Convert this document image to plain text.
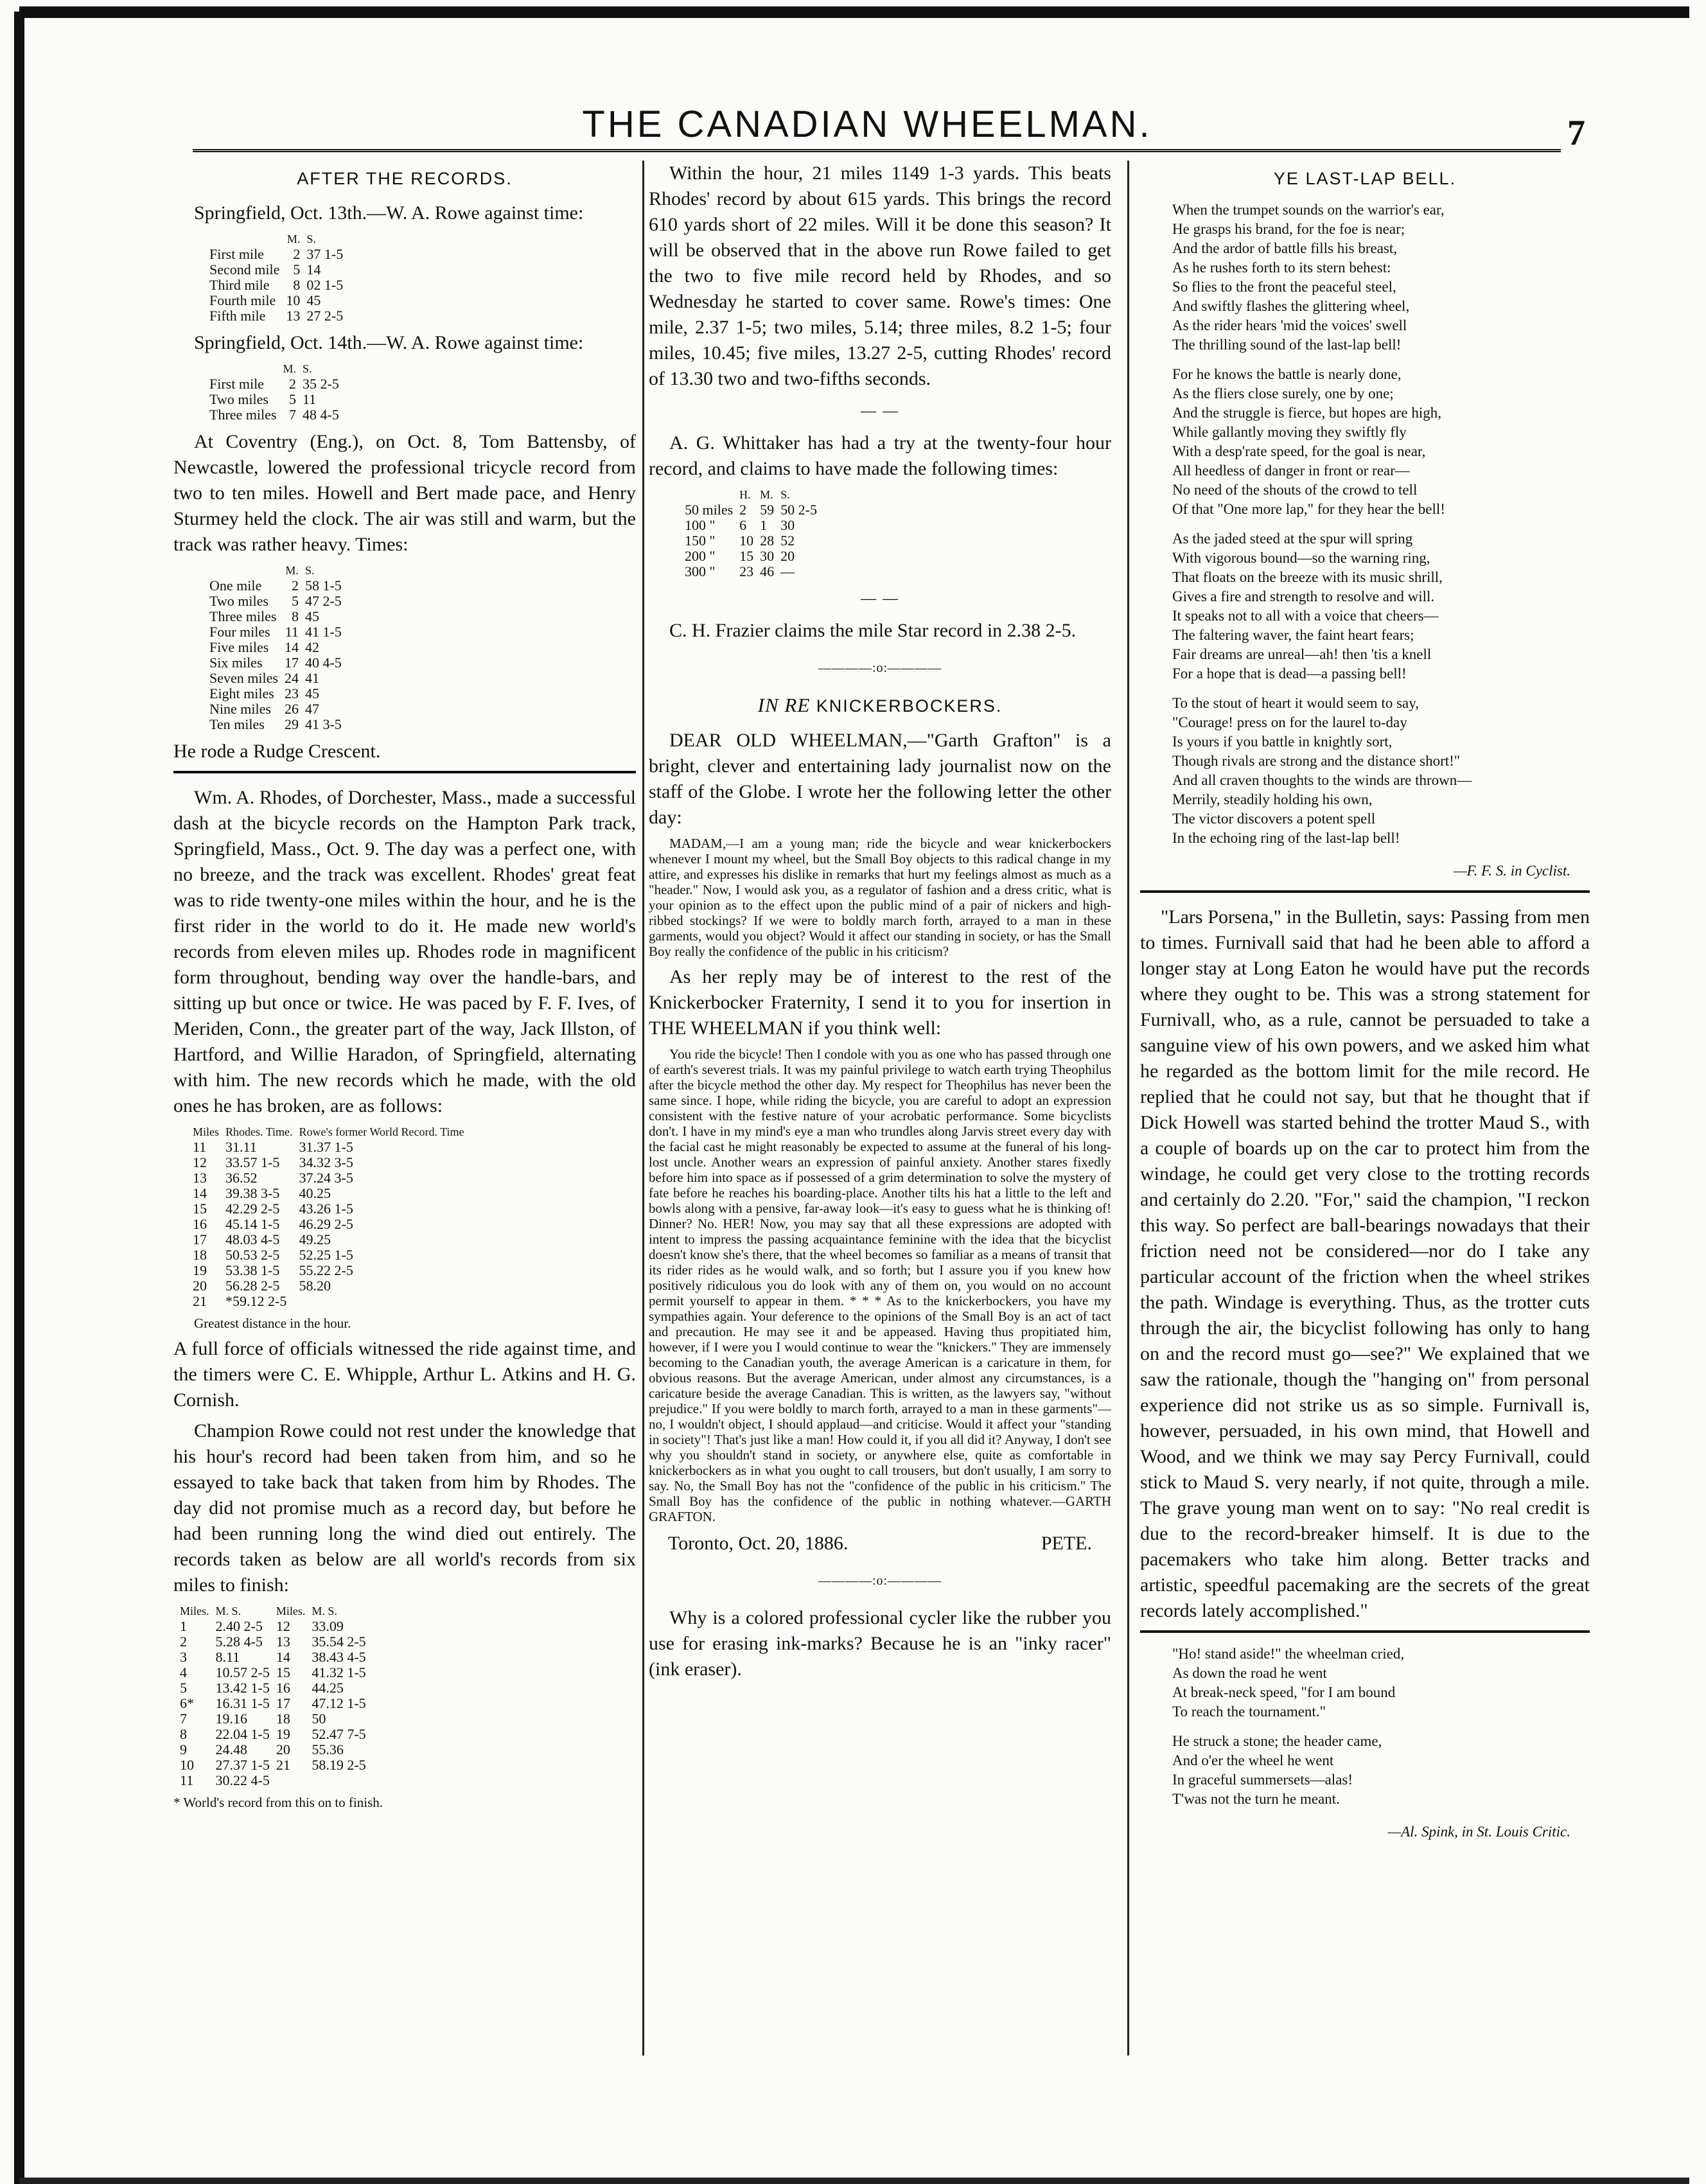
THE CANADIAN WHEELMAN.	7
AFTER THE RECORDS.

Springfield, Oct. 13th.—W. A. Rowe against time:

	M.	S.
First mile	2	37 1-5
Second mile	5	14
Third mile	8	02 1-5
Fourth mile	10	45
Fifth mile	13	27 2-5

Springfield, Oct. 14th.—W. A. Rowe against time:

	M.	S.
First mile	2	35 2-5
Two miles	5	11
Three miles	7	48 4-5

At Coventry (Eng.), on Oct. 8, Tom Battensby, of Newcastle, lowered the professional tricycle record from two to ten miles. Howell and Bert made pace, and Henry Sturmey held the clock. The air was still and warm, but the track was rather heavy. Times:

	M.	S.
One mile	2	58 1-5
Two miles	5	47 2-5
Three miles	8	45
Four miles	11	41 1-5
Five miles	14	42
Six miles	17	40 4-5
Seven miles	24	41
Eight miles	23	45
Nine miles	26	47
Ten miles	29	41 3-5

He rode a Rudge Crescent.

Wm. A. Rhodes, of Dorchester, Mass., made a successful dash at the bicycle records on the Hampton Park track, Springfield, Mass., Oct. 9. The day was a perfect one, with no breeze, and the track was excellent. Rhodes' great feat was to ride twenty-one miles within the hour, and he is the first rider in the world to do it. He made new world's records from eleven miles up. Rhodes rode in magnificent form throughout, bending way over the handle-bars, and sitting up but once or twice. He was paced by F. F. Ives, of Meriden, Conn., the greater part of the way, Jack Illston, of Hartford, and Willie Haradon, of Springfield, alternating with him. The new records which he made, with the old ones he has broken, are as follows:

Miles	Rhodes. Time.	Rowe's former World Record. Time
11	31.11	31.37 1-5
12	33.57 1-5	34.32 3-5
13	36.52	37.24 3-5
14	39.38 3-5	40.25
15	42.29 2-5	43.26 1-5
16	45.14 1-5	46.29 2-5
17	48.03 4-5	49.25
18	50.53 2-5	52.25 1-5
19	53.38 1-5	55.22 2-5
20	56.28 2-5	58.20
21	*59.12 2-5	

Greatest distance in the hour.

A full force of officials witnessed the ride against time, and the timers were C. E. Whipple, Arthur L. Atkins and H. G. Cornish.

Champion Rowe could not rest under the knowledge that his hour's record had been taken from him, and so he essayed to take back that taken from him by Rhodes. The day did not promise much as a record day, but before he had been running long the wind died out entirely. The records taken as below are all world's records from six miles to finish:

Miles.	M. S.	Miles.	M. S.
1	2.40 2-5	12	33.09
2	5.28 4-5	13	35.54 2-5
3	8.11	14	38.43 4-5
4	10.57 2-5	15	41.32 1-5
5	13.42 1-5	16	44.25
6*	16.31 1-5	17	47.12 1-5
7	19.16	18	50
8	22.04 1-5	19	52.47 7-5
9	24.48	20	55.36
10	27.37 1-5	21	58.19 2-5
11	30.22 4-5		

* World's record from this on to finish.

Within the hour, 21 miles 1149 1-3 yards. This beats Rhodes' record by about 615 yards. This brings the record 610 yards short of 22 miles. Will it be done this season? It will be observed that in the above run Rowe failed to get the two to five mile record held by Rhodes, and so Wednesday he started to cover same. Rowe's times: One mile, 2.37 1-5; two miles, 5.14; three miles, 8.2 1-5; four miles, 10.45; five miles, 13.27 2-5, cutting Rhodes' record of 13.30 two and two-fifths seconds.

— —

A. G. Whittaker has had a try at the twenty-four hour record, and claims to have made the following times:

	H.	M.	S.
50 miles	2	59	50 2-5
100 "	6	1	30
150 "	10	28	52
200 "	15	30	20
300 "	23	46	—
— —

C. H. Frazier claims the mile Star record in 2.38 2-5.

————:o:————
IN RE KNICKERBOCKERS.

DEAR OLD WHEELMAN,—"Garth Grafton" is a bright, clever and entertaining lady journalist now on the staff of the Globe. I wrote her the following letter the other day:

MADAM,—I am a young man; ride the bicycle and wear knickerbockers whenever I mount my wheel, but the Small Boy objects to this radical change in my attire, and expresses his dislike in remarks that hurt my feelings almost as much as a "header." Now, I would ask you, as a regulator of fashion and a dress critic, what is your opinion as to the effect upon the public mind of a pair of nickers and high-ribbed stockings? If we were to boldly march forth, arrayed to a man in these garments, would you object? Would it affect our standing in society, or has the Small Boy really the confidence of the public in his criticism?

As her reply may be of interest to the rest of the Knickerbocker Fraternity, I send it to you for insertion in THE WHEELMAN if you think well:

You ride the bicycle! Then I condole with you as one who has passed through one of earth's severest trials. It was my painful privilege to watch earth trying Theophilus after the bicycle method the other day. My respect for Theophilus has never been the same since. I hope, while riding the bicycle, you are careful to adopt an expression consistent with the festive nature of your acrobatic performance. Some bicyclists don't. I have in my mind's eye a man who trundles along Jarvis street every day with the facial cast he might reasonably be expected to assume at the funeral of his long-lost uncle. Another wears an expression of painful anxiety. Another stares fixedly before him into space as if possessed of a grim determination to solve the mystery of fate before he reaches his boarding-place. Another tilts his hat a little to the left and bowls along with a pensive, far-away look—it's easy to guess what he is thinking of! Dinner? No. HER! Now, you may say that all these expressions are adopted with intent to impress the passing acquaintance feminine with the idea that the bicyclist doesn't know she's there, that the wheel becomes so familiar as a means of transit that its rider rides as he would walk, and so forth; but I assure you if you knew how positively ridiculous you do look with any of them on, you would on no account permit yourself to appear in them. * * * As to the knickerbockers, you have my sympathies again. Your deference to the opinions of the Small Boy is an act of tact and precaution. He may see it and be appeased. Having thus propitiated him, however, if I were you I would continue to wear the "knickers." They are immensely becoming to the Canadian youth, the average American is a caricature in them, for obvious reasons. But the average American, under almost any circumstances, is a caricature beside the average Canadian. This is written, as the lawyers say, "without prejudice." If you were boldly to march forth, arrayed to a man in these garments"—no, I wouldn't object, I should applaud—and criticise. Would it affect your "standing in society"! That's just like a man! How could it, if you all did it? Anyway, I don't see why you shouldn't stand in society, or anywhere else, quite as comfortable in knickerbockers as in what you ought to call trousers, but don't usually, I am sorry to say. No, the Small Boy has not the "confidence of the public in his criticism." The Small Boy has the confidence of the public in nothing whatever.—GARTH GRAFTON.

Toronto, Oct. 20, 1886.	PETE.
————:o:————

Why is a colored professional cycler like the rubber you use for erasing ink-marks? Because he is an "inky racer" (ink eraser).

YE LAST-LAP BELL.
When the trumpet sounds on the warrior's ear,
He grasps his brand, for the foe is near;
And the ardor of battle fills his breast,
As he rushes forth to its stern behest:
So flies to the front the peaceful steel,
And swiftly flashes the glittering wheel,
As the rider hears 'mid the voices' swell
The thrilling sound of the last-lap bell!
For he knows the battle is nearly done,
As the fliers close surely, one by one;
And the struggle is fierce, but hopes are high,
While gallantly moving they swiftly fly
With a desp'rate speed, for the goal is near,
All heedless of danger in front or rear—
No need of the shouts of the crowd to tell
Of that "One more lap," for they hear the bell!
As the jaded steed at the spur will spring
With vigorous bound—so the warning ring,
That floats on the breeze with its music shrill,
Gives a fire and strength to resolve and will.
It speaks not to all with a voice that cheers—
The faltering waver, the faint heart fears;
Fair dreams are unreal—ah! then 'tis a knell
For a hope that is dead—a passing bell!
To the stout of heart it would seem to say,
"Courage! press on for the laurel to-day
Is yours if you battle in knightly sort,
Though rivals are strong and the distance short!"
And all craven thoughts to the winds are thrown—
Merrily, steadily holding his own,
The victor discovers a potent spell
In the echoing ring of the last-lap bell!
—F. F. S. in Cyclist.

"Lars Porsena," in the Bulletin, says: Passing from men to times. Furnivall said that had he been able to afford a longer stay at Long Eaton he would have put the records where they ought to be. This was a strong statement for Furnivall, who, as a rule, cannot be persuaded to take a sanguine view of his own powers, and we asked him what he regarded as the bottom limit for the mile record. He replied that he could not say, but that he thought that if Dick Howell was started behind the trotter Maud S., with a couple of boards up on the car to protect him from the windage, he could get very close to the trotting records and certainly do 2.20. "For," said the champion, "I reckon this way. So perfect are ball-bearings nowadays that their friction need not be considered—nor do I take any particular account of the friction when the wheel strikes the path. Windage is everything. Thus, as the trotter cuts through the air, the bicyclist following has only to hang on and the record must go—see?" We explained that we saw the rationale, though the "hanging on" from personal experience did not strike us as so simple. Furnivall is, however, persuaded, in his own mind, that Howell and Wood, and we think we may say Percy Furnivall, could stick to Maud S. very nearly, if not quite, through a mile. The grave young man went on to say: "No real credit is due to the record-breaker himself. It is due to the pacemakers who take him along. Better tracks and artistic, speedful pacemaking are the secrets of the great records lately accomplished."

"Ho! stand aside!" the wheelman cried,
As down the road he went
At break-neck speed, "for I am bound
To reach the tournament."
He struck a stone; the header came,
And o'er the wheel he went
In graceful summersets—alas!
T'was not the turn he meant.
—Al. Spink, in St. Louis Critic.
